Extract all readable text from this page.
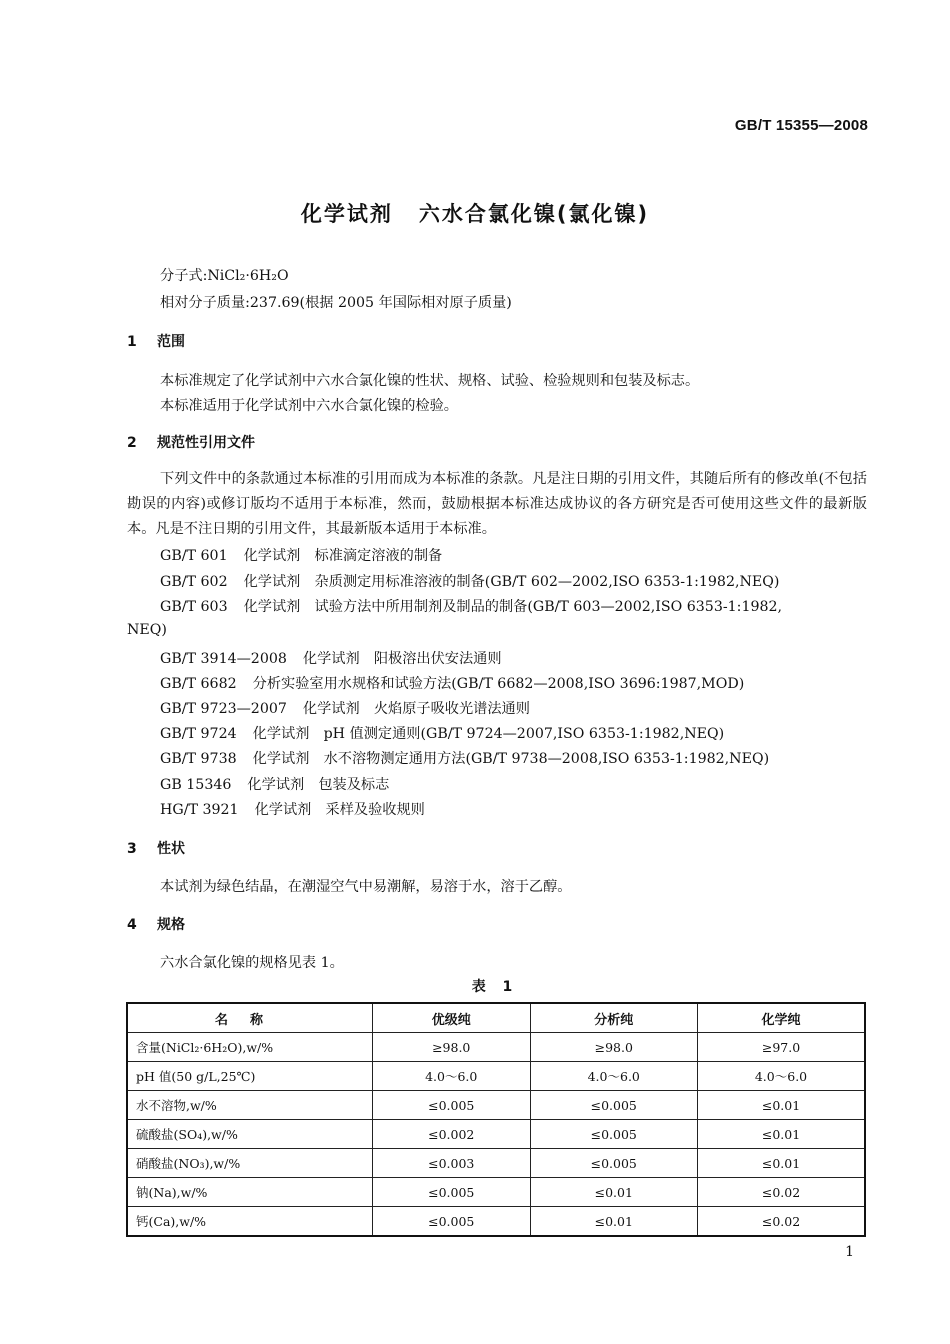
GB/T 15355—2008
化学试剂 六水合氯化镍(氯化镍)
分子式:NiCl₂·6H₂O
相对分子质量:237.69(根据 2005 年国际相对原子质量)
1 范围
本标准规定了化学试剂中六水合氯化镍的性状、规格、试验、检验规则和包装及标志。
本标准适用于化学试剂中六水合氯化镍的检验。
2 规范性引用文件
下列文件中的条款通过本标准的引用而成为本标准的条款。凡是注日期的引用文件，其随后所有的修改单(不包括勘误的内容)或修订版均不适用于本标准，然而，鼓励根据本标准达成协议的各方研究是否可使用这些文件的最新版本。凡是不注日期的引用文件，其最新版本适用于本标准。
GB/T 601 化学试剂　标准滴定溶液的制备
GB/T 602 化学试剂　杂质测定用标准溶液的制备(GB/T 602—2002,ISO 6353-1:1982,NEQ)
GB/T 603 化学试剂　试验方法中所用制剂及制品的制备(GB/T 603—2002,ISO 6353-1:1982,
NEQ)
GB/T 3914—2008 化学试剂　阳极溶出伏安法通则
GB/T 6682 分析实验室用水规格和试验方法(GB/T 6682—2008,ISO 3696:1987,MOD)
GB/T 9723—2007 化学试剂　火焰原子吸收光谱法通则
GB/T 9724 化学试剂　pH 值测定通则(GB/T 9724—2007,ISO 6353-1:1982,NEQ)
GB/T 9738 化学试剂　水不溶物测定通用方法(GB/T 9738—2008,ISO 6353-1:1982,NEQ)
GB 15346 化学试剂　包装及标志
HG/T 3921 化学试剂　采样及验收规则
3 性状
本试剂为绿色结晶，在潮湿空气中易潮解，易溶于水，溶于乙醇。
4 规格
六水合氯化镍的规格见表 1。
表 1
名称	优级纯	分析纯	化学纯
含量(NiCl₂·6H₂O),w/%	≥98.0	≥98.0	≥97.0
pH 值(50 g/L,25℃)	4.0～6.0	4.0～6.0	4.0～6.0
水不溶物,w/%	≤0.005	≤0.005	≤0.01
硫酸盐(SO₄),w/%	≤0.002	≤0.005	≤0.01
硝酸盐(NO₃),w/%	≤0.003	≤0.005	≤0.01
钠(Na),w/%	≤0.005	≤0.01	≤0.02
钙(Ca),w/%	≤0.005	≤0.01	≤0.02
1
